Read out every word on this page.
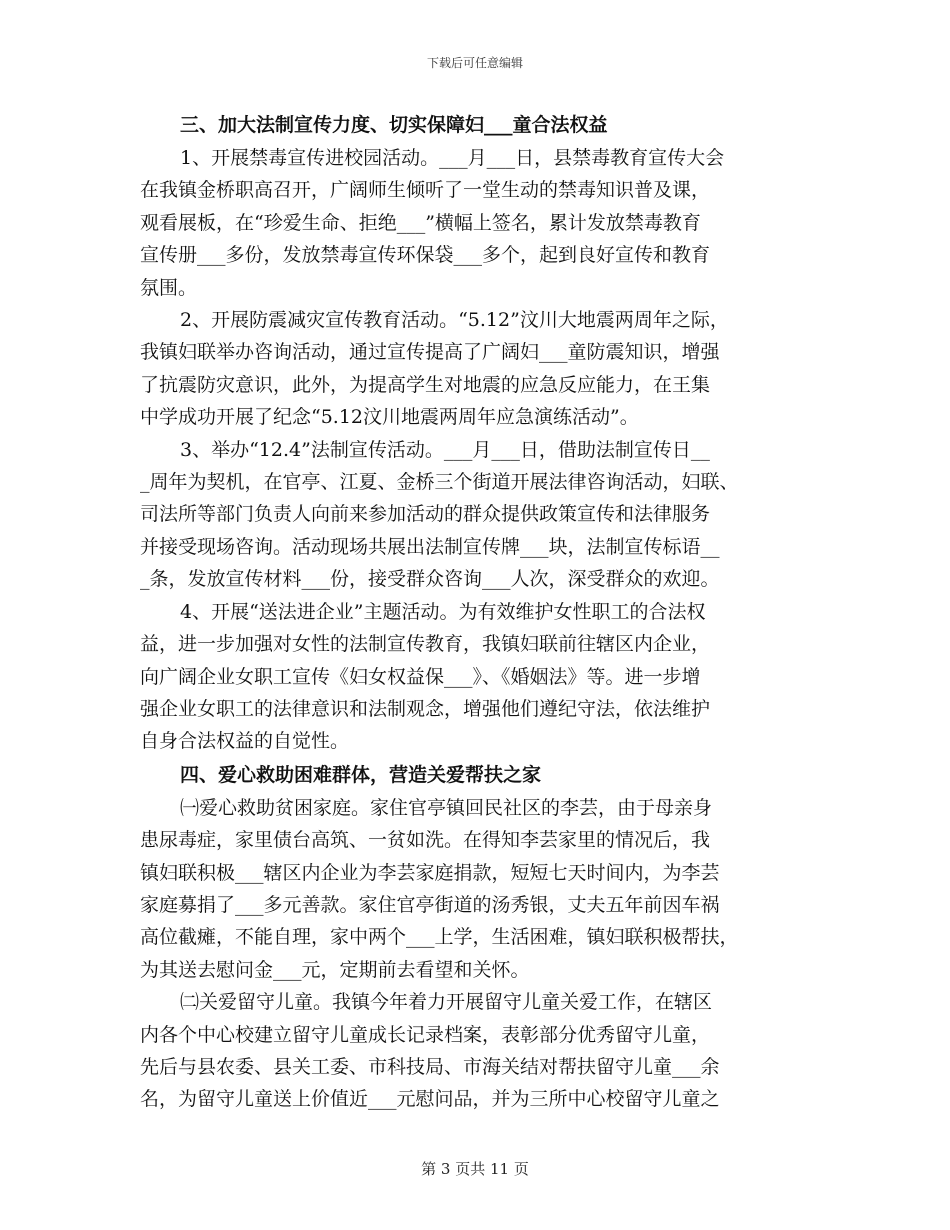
下载后可任意编辑
三、加大法制宣传力度、切实保障妇___童合法权益
1、开展禁毒宣传进校园活动。___月___日，县禁毒教育宣传大会
在我镇金桥职高召开，广阔师生倾听了一堂生动的禁毒知识普及课，
观看展板，在“珍爱生命、拒绝___”横幅上签名，累计发放禁毒教育
宣传册___多份，发放禁毒宣传环保袋___多个，起到良好宣传和教育
氛围。
2、开展防震减灾宣传教育活动。“5.12”汶川大地震两周年之际，
我镇妇联举办咨询活动，通过宣传提高了广阔妇___童防震知识，增强
了抗震防灾意识，此外，为提高学生对地震的应急反应能力，在王集
中学成功开展了纪念“5.12汶川地震两周年应急演练活动”。
3、举办“12.4”法制宣传活动。___月___日，借助法制宣传日__
_周年为契机，在官亭、江夏、金桥三个街道开展法律咨询活动，妇联、
司法所等部门负责人向前来参加活动的群众提供政策宣传和法律服务
并接受现场咨询。活动现场共展出法制宣传牌___块，法制宣传标语__
_条，发放宣传材料___份，接受群众咨询___人次，深受群众的欢迎。
4、开展“送法进企业”主题活动。为有效维护女性职工的合法权
益，进一步加强对女性的法制宣传教育，我镇妇联前往辖区内企业，
向广阔企业女职工宣传《妇女权益保___》、《婚姻法》等。进一步增
强企业女职工的法律意识和法制观念，增强他们遵纪守法，依法维护
自身合法权益的自觉性。
四、爱心救助困难群体，营造关爱帮扶之家
㈠爱心救助贫困家庭。家住官亭镇回民社区的李芸，由于母亲身
患尿毒症，家里债台高筑、一贫如洗。在得知李芸家里的情况后，我
镇妇联积极___辖区内企业为李芸家庭捐款，短短七天时间内，为李芸
家庭募捐了___多元善款。家住官亭街道的汤秀银，丈夫五年前因车祸
高位截瘫，不能自理，家中两个___上学，生活困难，镇妇联积极帮扶，
为其送去慰问金___元，定期前去看望和关怀。
㈡关爱留守儿童。我镇今年着力开展留守儿童关爱工作，在辖区
内各个中心校建立留守儿童成长记录档案，表彰部分优秀留守儿童，
先后与县农委、县关工委、市科技局、市海关结对帮扶留守儿童___余
名，为留守儿童送上价值近___元慰问品，并为三所中心校留守儿童之
第 3 页共 11 页
